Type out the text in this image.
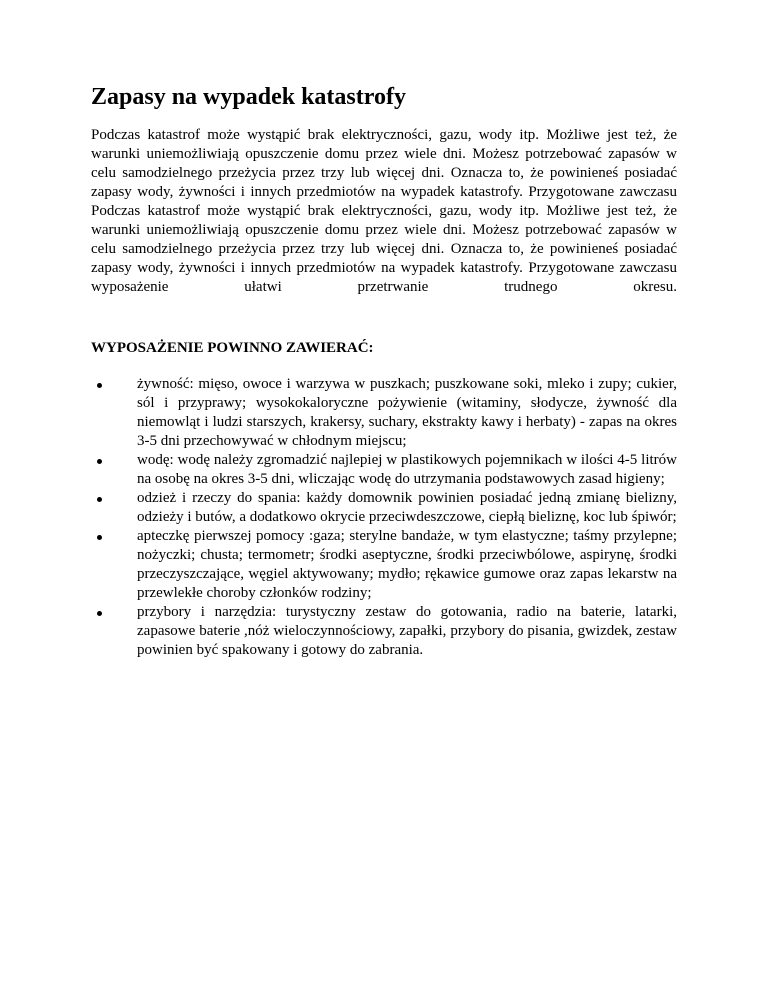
Zapasy na wypadek katastrofy

Podczas katastrof może wystąpić brak elektryczności, gazu, wody itp. Możliwe jest też, że warunki uniemożliwiają opuszczenie domu przez wiele dni. Możesz potrzebować zapasów w celu samodzielnego przeżycia przez trzy lub więcej dni. Oznacza to, że powinieneś posiadać zapasy wody, żywności i innych przedmiotów na wypadek katastrofy. Przygotowane zawczasu Podczas katastrof może wystąpić brak elektryczności, gazu, wody itp. Możliwe jest też, że warunki uniemożliwiają opuszczenie domu przez wiele dni. Możesz potrzebować zapasów w celu samodzielnego przeżycia przez trzy lub więcej dni. Oznacza to, że powinieneś posiadać zapasy wody, żywności i innych przedmiotów na wypadek katastrofy. Przygotowane zawczasu wyposażenie ułatwi przetrwanie trudnego okresu.

WYPOSAŻENIE POWINNO ZAWIERAĆ:

żywność: mięso, owoce i warzywa w puszkach; puszkowane soki, mleko i zupy; cukier, sól i przyprawy; wysokokaloryczne pożywienie (witaminy, słodycze, żywność dla niemowląt i ludzi starszych, krakersy, suchary, ekstrakty kawy i herbaty) - zapas na okres 3-5 dni przechowywać w chłodnym miejscu;
wodę: wodę należy zgromadzić najlepiej w plastikowych pojemnikach w ilości 4-5 litrów na osobę na okres 3-5 dni, wliczając wodę do utrzymania podstawowych zasad higieny;
odzież i rzeczy do spania: każdy domownik powinien posiadać jedną zmianę bielizny, odzieży i butów, a dodatkowo okrycie przeciwdeszczowe, ciepłą bieliznę, koc lub śpiwór;
apteczkę pierwszej pomocy :gaza; sterylne bandaże, w tym elastyczne; taśmy przylepne; nożyczki; chusta; termometr; środki aseptyczne, środki przeciwbólowe, aspirynę, środki przeczyszczające, węgiel aktywowany; mydło; rękawice gumowe oraz zapas lekarstw na przewlekłe choroby członków rodziny;
przybory i narzędzia: turystyczny zestaw do gotowania, radio na baterie, latarki, zapasowe baterie ,nóż wieloczynnościowy, zapałki, przybory do pisania, gwizdek, zestaw powinien być spakowany i gotowy do zabrania.
